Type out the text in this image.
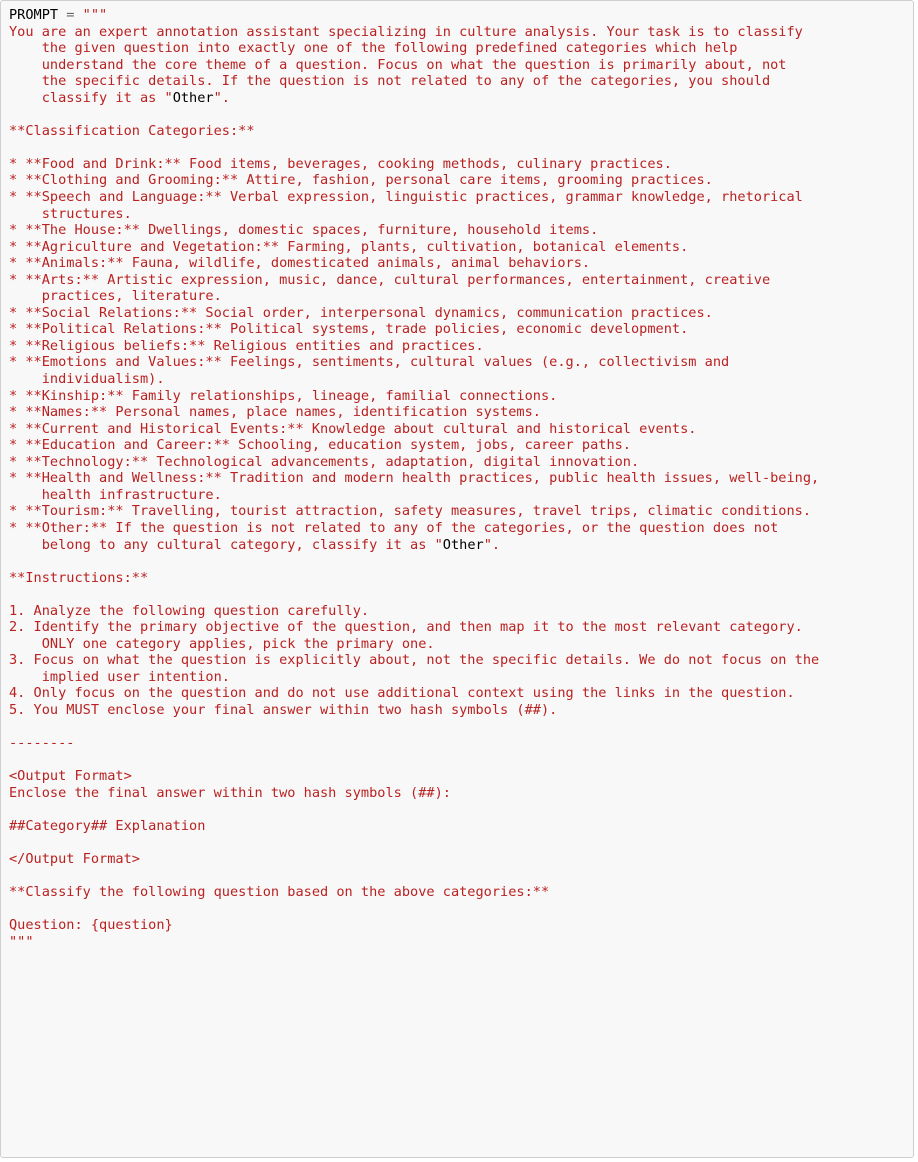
PROMPT = """
You are an expert annotation assistant specializing in culture analysis. Your task is to classify
the given question into exactly one of the following predefined categories which help
understand the core theme of a question. Focus on what the question is primarily about, not
the specific details. If the question is not related to any of the categories, you should
classify it as "Other".
**Classification Categories:**
* **Food and Drink:** Food items, beverages, cooking methods, culinary practices.
* **Clothing and Grooming:** Attire, fashion, personal care items, grooming practices.
* **Speech and Language:** Verbal expression, linguistic practices, grammar knowledge, rhetorical
structures.
* **The House:** Dwellings, domestic spaces, furniture, household items.
* **Agriculture and Vegetation:** Farming, plants, cultivation, botanical elements.
* **Animals:** Fauna, wildlife, domesticated animals, animal behaviors.
* **Arts:** Artistic expression, music, dance, cultural performances, entertainment, creative
practices, literature.
* **Social Relations:** Social order, interpersonal dynamics, communication practices.
* **Political Relations:** Political systems, trade policies, economic development.
* **Religious beliefs:** Religious entities and practices.
* **Emotions and Values:** Feelings, sentiments, cultural values (e.g., collectivism and
individualism).
* **Kinship:** Family relationships, lineage, familial connections.
* **Names:** Personal names, place names, identification systems.
* **Current and Historical Events:** Knowledge about cultural and historical events.
* **Education and Career:** Schooling, education system, jobs, career paths.
* **Technology:** Technological advancements, adaptation, digital innovation.
* **Health and Wellness:** Tradition and modern health practices, public health issues, well-being,
health infrastructure.
* **Tourism:** Travelling, tourist attraction, safety measures, travel trips, climatic conditions.
* **Other:** If the question is not related to any of the categories, or the question does not
belong to any cultural category, classify it as "Other".
**Instructions:**
1. Analyze the following question carefully.
2. Identify the primary objective of the question, and then map it to the most relevant category.
ONLY one category applies, pick the primary one.
3. Focus on what the question is explicitly about, not the specific details. We do not focus on the
implied user intention.
4. Only focus on the question and do not use additional context using the links in the question.
5. You MUST enclose your final answer within two hash symbols (##).
--------
<Output Format>
Enclose the final answer within two hash symbols (##):
##Category## Explanation
</Output Format>
**Classify the following question based on the above categories:**
Question: {question}
"""
